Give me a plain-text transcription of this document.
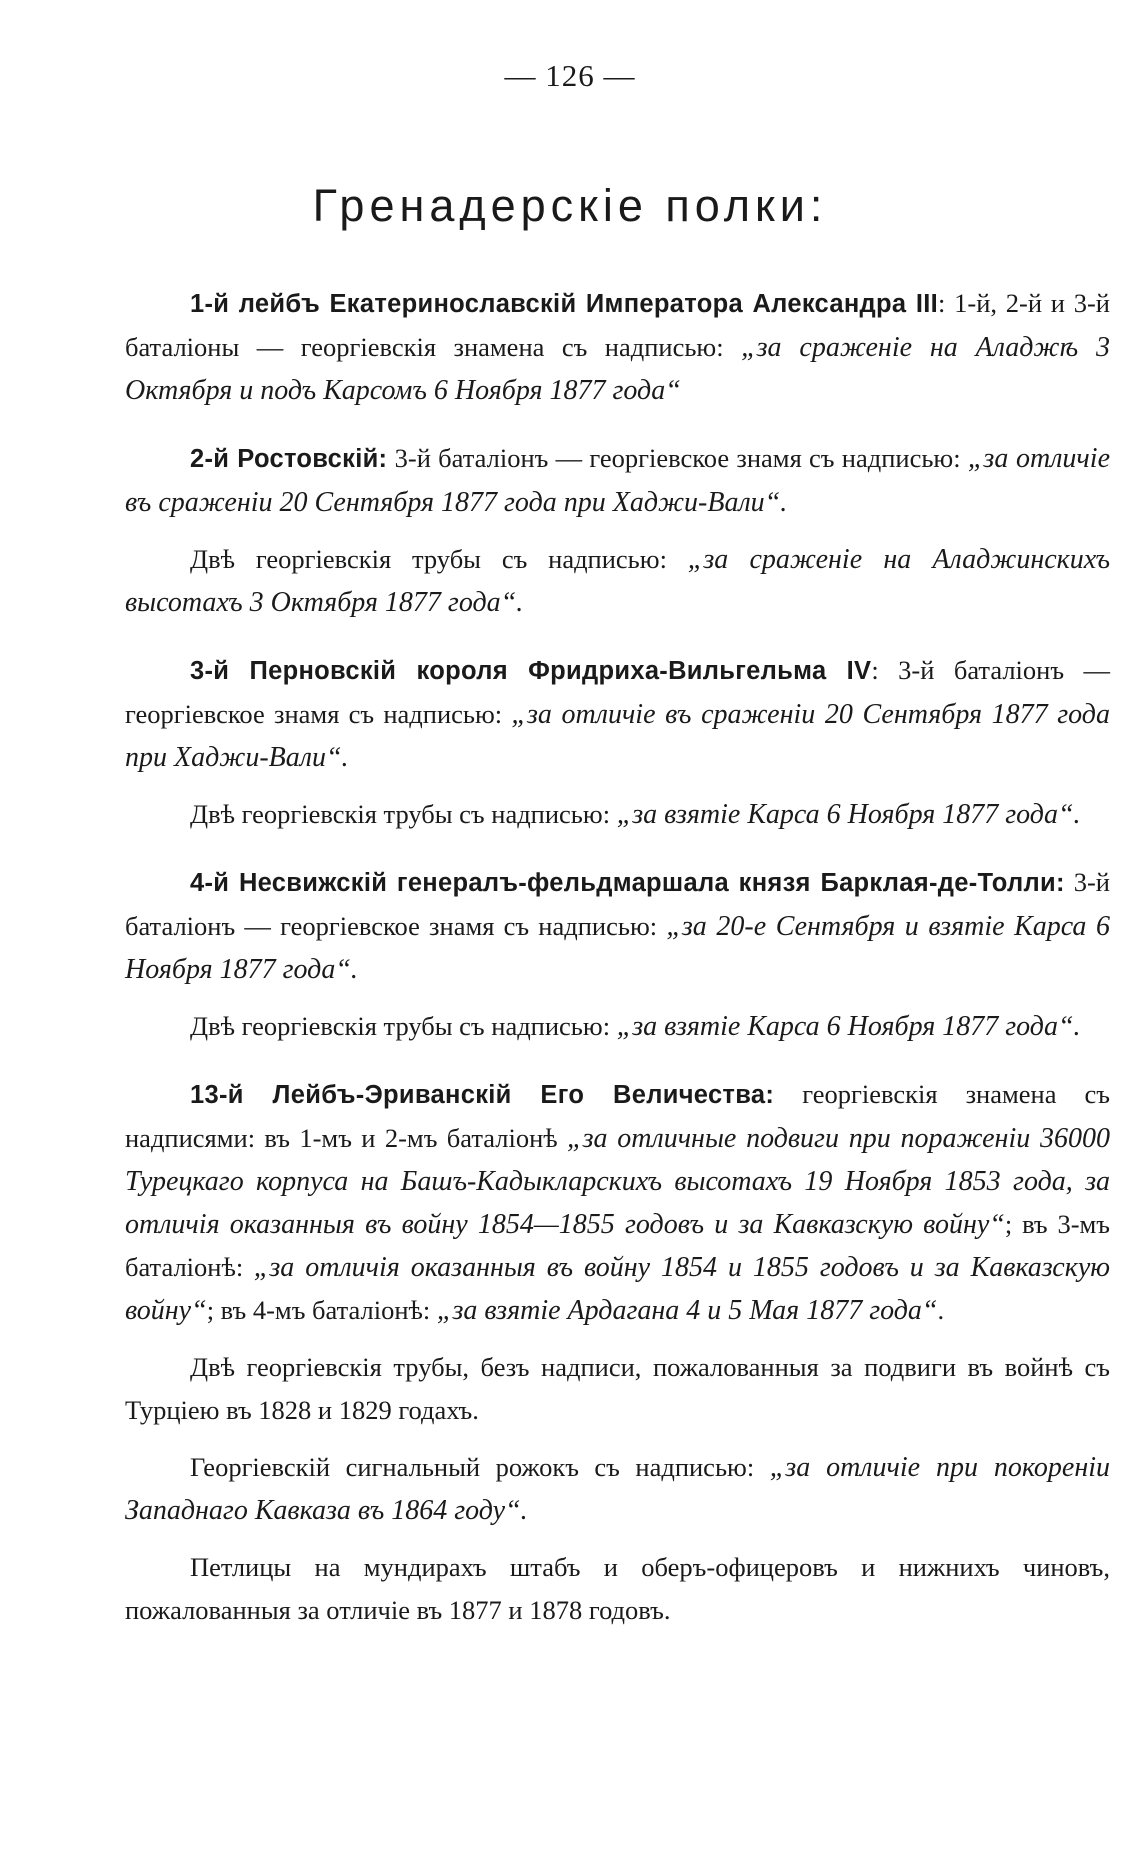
— 126 —
Гренадерскіе полки:

1-й лейбъ Екатеринославскій Императора Александра III: 1-й, 2-й и 3-й баталіоны — георгіевскія знамена съ надписью: „за сраженіе на Аладжѣ 3 Октября и подъ Карсомъ 6 Ноября 1877 года“

2-й Ростовскій: 3-й баталіонъ — георгіевское знамя съ надписью: „за отличіе въ сраженіи 20 Сентября 1877 года при Хаджи-Вали“.

Двѣ георгіевскія трубы съ надписью: „за сраженіе на Аладжинскихъ высотахъ 3 Октября 1877 года“.

3-й Перновскій короля Фридриха-Вильгельма IV: 3-й баталіонъ — георгіевское знамя съ надписью: „за отличіе въ сраженіи 20 Сентября 1877 года при Хаджи-Вали“.

Двѣ георгіевскія трубы съ надписью: „за взятіе Карса 6 Ноября 1877 года“.

4-й Несвижскій генералъ-фельдмаршала князя Барклая-де-Толли: 3-й баталіонъ — георгіевское знамя съ надписью: „за 20-е Сентября и взятіе Карса 6 Ноября 1877 года“.

Двѣ георгіевскія трубы съ надписью: „за взятіе Карса 6 Ноября 1877 года“.

13-й Лейбъ-Эриванскій Его Величества: георгіевскія знамена съ надписями: въ 1-мъ и 2-мъ баталіонѣ „за отличные подвиги при пораженіи 36000 Турецкаго корпуса на Башъ-Кадыкларскихъ высотахъ 19 Ноября 1853 года, за отличія оказанныя въ войну 1854—1855 годовъ и за Кавказскую войну“; въ 3-мъ баталіонѣ: „за отличія оказанныя въ войну 1854 и 1855 годовъ и за Кавказскую войну“; въ 4-мъ баталіонѣ: „за взятіе Ардагана 4 и 5 Мая 1877 года“.

Двѣ георгіевскія трубы, безъ надписи, пожалованныя за подвиги въ войнѣ съ Турціею въ 1828 и 1829 годахъ.

Георгіевскій сигнальный рожокъ съ надписью: „за отличіе при покореніи Западнаго Кавказа въ 1864 году“.

Петлицы на мундирахъ штабъ и оберъ-офицеровъ и нижнихъ чиновъ, пожалованныя за отличіе въ 1877 и 1878 годовъ.
